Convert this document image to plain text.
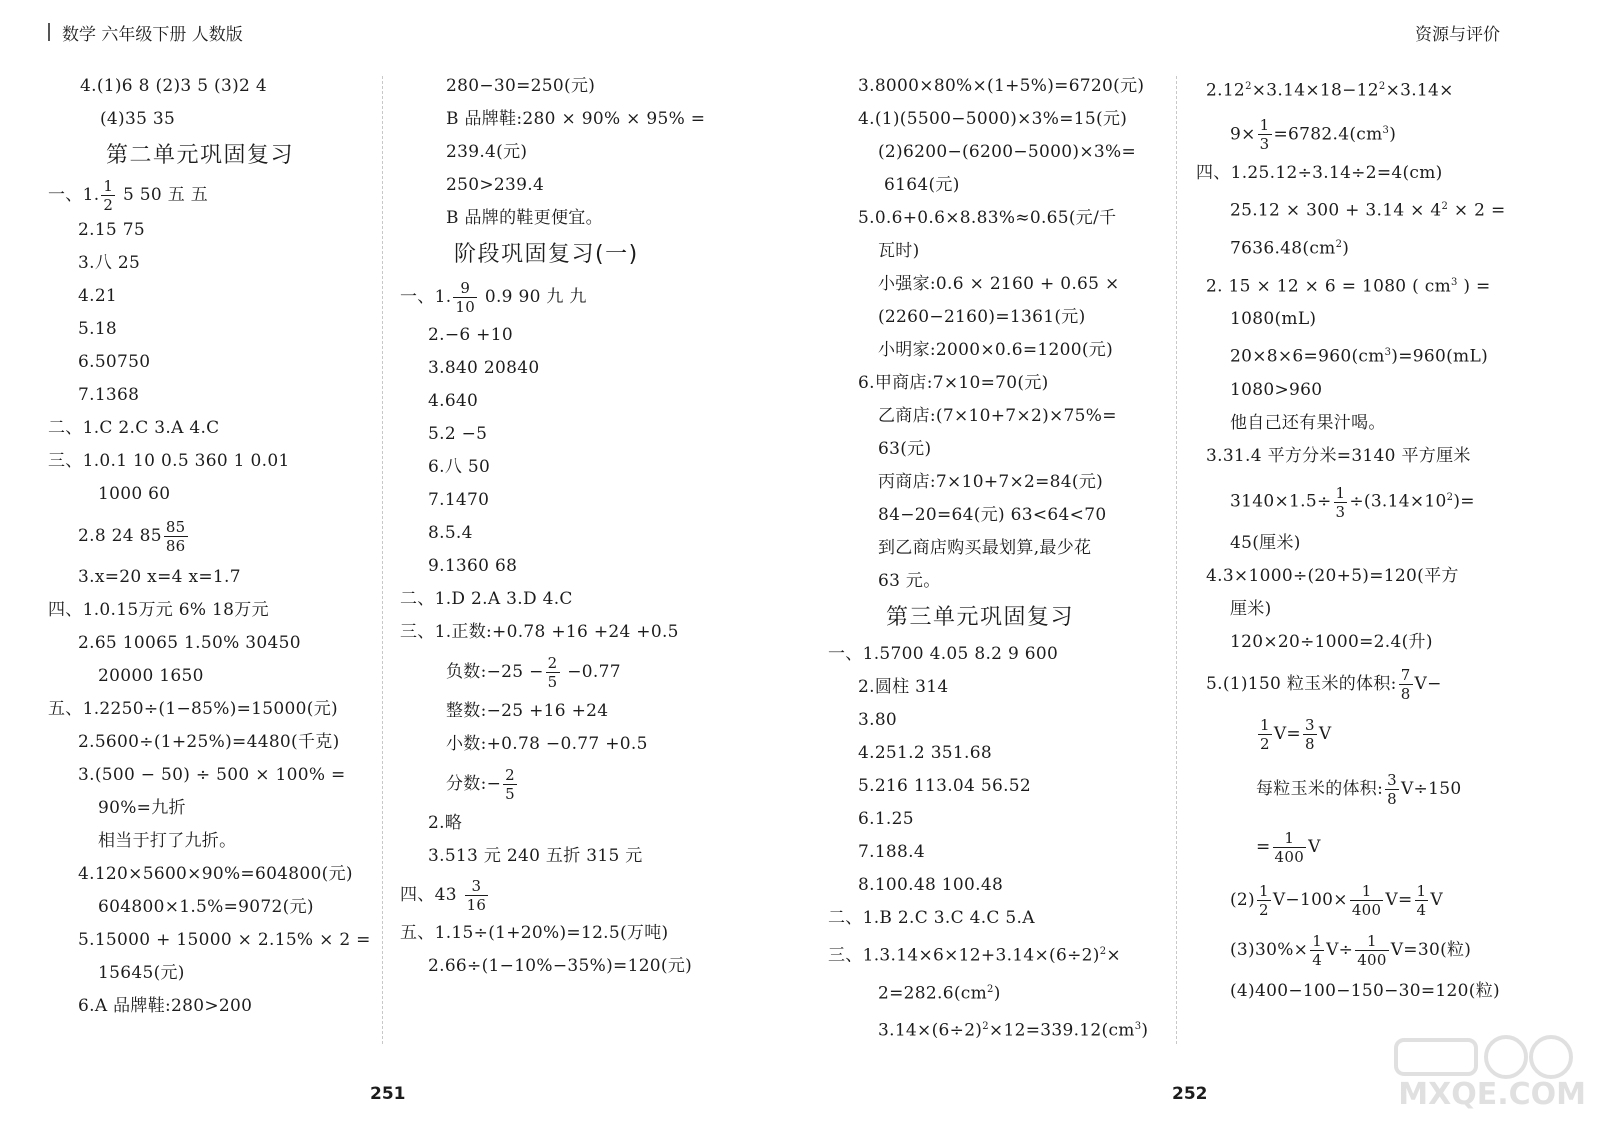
数学 六年级下册 人数版	资源与评价
4.(1)6 8 (2)3 5 (3)2 4
(4)35 35
第二单元巩固复习
一、1. $\frac{1}{2} 5$ 50 五 五
2.15 75
3.八 25
4.21
5.18
6.50750
7.1368
二、1.C 2.C 3.A 4.C
三、1.0.1 10 0.5 360 1 0.01
1000 60
2.8 24 $85 \frac{85}{86}$
3.x=20 x=4 x=1.7
四、1.0.15万元 6% 18万元
2.65 10065 1.50% 30450
20000 1650
五、1.2250÷(1−85%)=15000(元)
2.5600÷(1+25%)=4480(千克)
3.(500 − 50) ÷ 500 × 100% =
90%=九折
相当于打了九折。
4.120×5600×90%=604800(元)
604800×1.5%=9072(元)
5.15000 + 15000 × 2.15% × 2 =
15645(元)
6.A 品牌鞋:280>200
280−30=250(元)
B 品牌鞋:280 × 90% × 95% =
239.4(元)
250>239.4
B 品牌的鞋更便宜。
阶段巩固复习(一)
一、1. $\frac{9}{10} 0.9$ 90 九 九
2.−6 +10
3.840 20840
4.640
5.2 −5
6.八 50
7.1470
8.5.4
9.1360 68
二、1.D 2.A 3.D 4.C
三、1.正数:+0.78 +16 +24 +0.5
负数:−25 − $\frac{2}{5} -0.77$
整数:−25 +16 +24
小数:+0.78 −0.77 +0.5
分数:− $\frac{2}{5}$
2.略
3.513 元 240 五折 315 元
四、$43 \frac{3}{16}$
五、1.15÷(1+20%)=12.5(万吨)
2.66÷(1−10%−35%)=120(元)
3.8000×80%×(1+5%)=6720(元)
4.(1)(5500−5000)×3%=15(元)
(2)6200−(6200−5000)×3%=
6164(元)
5.0.6+0.6×8.83%≈0.65(元/千
瓦时)
小强家:0.6 × 2160 + 0.65 ×
(2260−2160)=1361(元)
小明家:2000×0.6=1200(元)
6.甲商店:7×10=70(元)
乙商店:(7×10+7×2)×75%=
63(元)
丙商店:7×10+7×2=84(元)
84−20=64(元) 63<64<70
到乙商店购买最划算,最少花
63 元。
第三单元巩固复习
一、1.5700 4.05 8.2 9 600
2.圆柱 314
3.80
4.251.2 351.68
5.216 113.04 56.52
6.1.25
7.188.4
8.100.48 100.48
二、1.B 2.C 3.C 4.C 5.A
三、$1.3.14\times 6\times 12+3.14\times(6\div 2)^2\times$
$2=282.6(cm^2)$
$3.14\times(6\div 2)^2\times 12=339.12(cm^3)$
$2.12^2\times 3.14\times 18-12^2\times 3.14\times$
$9\times \frac{1}{3} =6782.4(cm^3)$
四、1.25.12÷3.14÷2=4(cm)
$25.12 \times 300 + 3.14 \times 4^2 \times 2$ =
$7636.48(cm^2)$
2. 15 × 12 × 6 = 1080 ( $cm^3$ ) =
1080(mL)
$20\times 8\times 6=960(cm^3)=960(mL)$
1080>960
他自己还有果汁喝。
3.31.4 平方分米=3140 平方厘米
$3140\times 1.5\div \frac{1}{3} \div(3.14\times 10^2)=$
45(厘米)
4.3×1000÷(20+5)=120(平方
厘米)
120×20÷1000=2.4(升)
5.(1)150 粒玉米的体积: $\frac{7}{8} V-$
$\frac{1}{2} V= \frac{3}{8}$ V
每粒玉米的体积: $\frac{3}{8} V\div 150$
= $\frac{1}{400}$ V
$(2) \frac{1}{2} V-100\times \frac{1}{400} V= \frac{1}{4}$ V
$(3)30\%\times \frac{1}{4} V\div \frac{1}{400} V=30$(粒)
(4)400−100−150−30=120(粒)
251	252	MXQE.COM
